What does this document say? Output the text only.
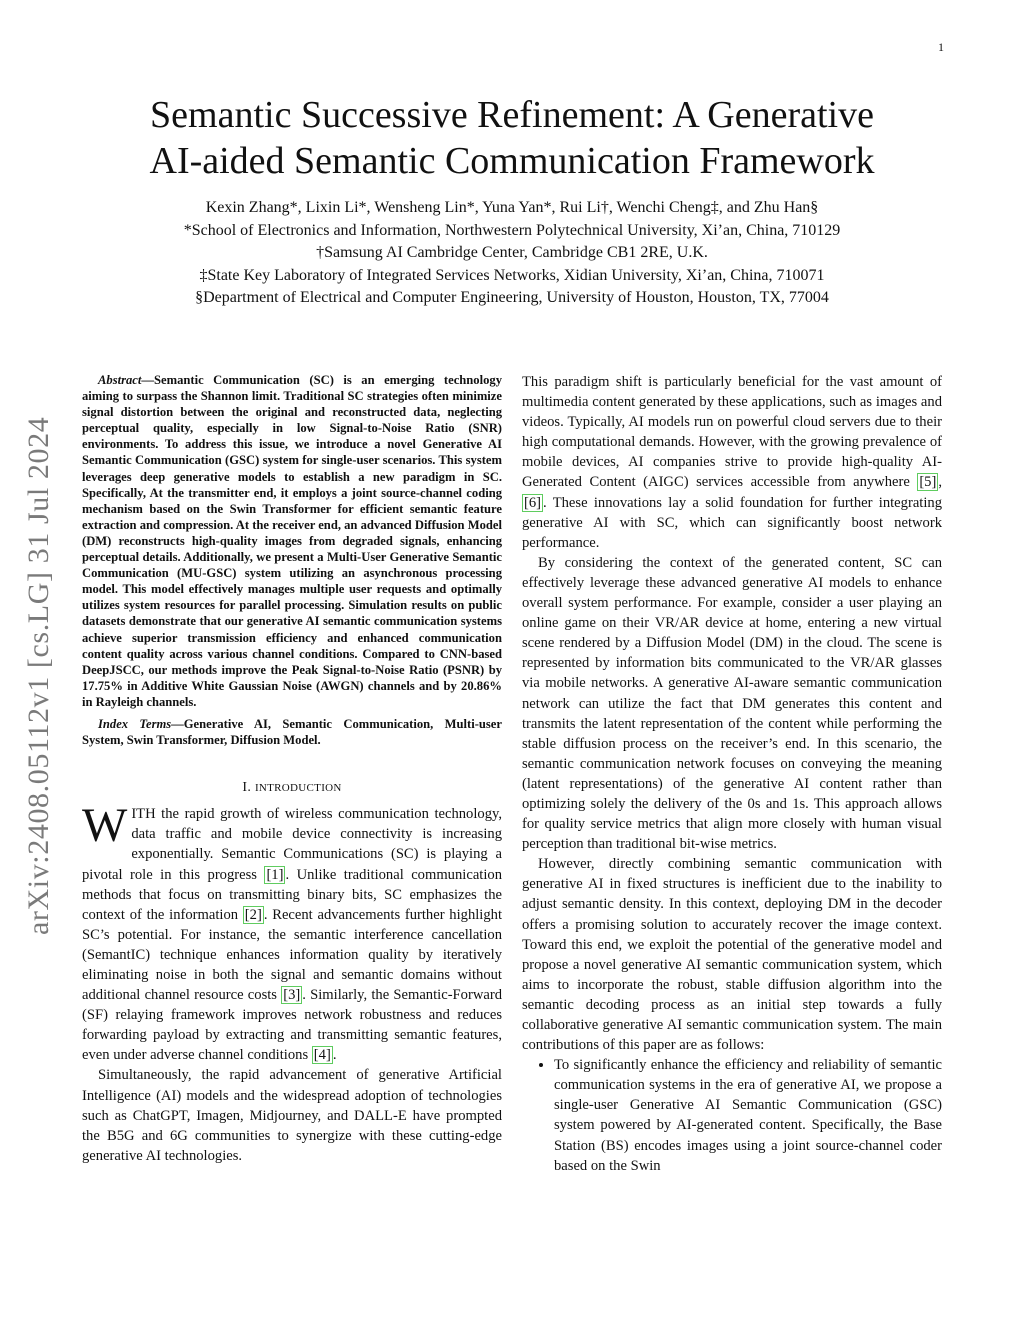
1
arXiv:2408.05112v1 [cs.LG] 31 Jul 2024
Semantic Successive Refinement: A Generative
AI-aided Semantic Communication Framework
Kexin Zhang*, Lixin Li*, Wensheng Lin*, Yuna Yan*, Rui Li†, Wenchi Cheng‡, and Zhu Han§
*School of Electronics and Information, Northwestern Polytechnical University, Xi’an, China, 710129
†Samsung AI Cambridge Center, Cambridge CB1 2RE, U.K.
‡State Key Laboratory of Integrated Services Networks, Xidian University, Xi’an, China, 710071
§Department of Electrical and Computer Engineering, University of Houston, Houston, TX, 77004

Abstract—Semantic Communication (SC) is an emerging technology aiming to surpass the Shannon limit. Traditional SC strategies often minimize signal distortion between the original and reconstructed data, neglecting perceptual quality, especially in low Signal-to-Noise Ratio (SNR) environments. To address this issue, we introduce a novel Generative AI Semantic Communication (GSC) system for single-user scenarios. This system leverages deep generative models to establish a new paradigm in SC. Specifically, At the transmitter end, it employs a joint source-channel coding mechanism based on the Swin Transformer for efficient semantic feature extraction and compression. At the receiver end, an advanced Diffusion Model (DM) reconstructs high-quality images from degraded signals, enhancing perceptual details. Additionally, we present a Multi-User Generative Semantic Communication (MU-GSC) system utilizing an asynchronous processing model. This model effectively manages multiple user requests and optimally utilizes system resources for parallel processing. Simulation results on public datasets demonstrate that our generative AI semantic communication systems achieve superior transmission efficiency and enhanced communication content quality across various channel conditions. Compared to CNN-based DeepJSCC, our methods improve the Peak Signal-to-Noise Ratio (PSNR) by 17.75% in Additive White Gaussian Noise (AWGN) channels and by 20.86% in Rayleigh channels.

Index Terms—Generative AI, Semantic Communication, Multi-user System, Swin Transformer, Diffusion Model.
I. INTRODUCTION

WITH the rapid growth of wireless communication technology, data traffic and mobile device connectivity is increasing exponentially. Semantic Communications (SC) is playing a pivotal role in this progress [1] . Unlike traditional communication methods that focus on transmitting binary bits, SC emphasizes the context of the information [2] . Recent advancements further highlight SC’s potential. For instance, the semantic interference cancellation (SemantIC) technique enhances information quality by iteratively eliminating noise in both the signal and semantic domains without additional channel resource costs [3] . Similarly, the Semantic-Forward (SF) relaying framework improves network robustness and reduces forwarding payload by extracting and transmitting semantic features, even under adverse channel conditions [4] .

Simultaneously, the rapid advancement of generative Artificial Intelligence (AI) models and the widespread adoption of technologies such as ChatGPT, Imagen, Midjourney, and DALL-E have prompted the B5G and 6G communities to synergize with these cutting-edge generative AI technologies.

This paradigm shift is particularly beneficial for the vast amount of multimedia content generated by these applications, such as images and videos. Typically, AI models run on powerful cloud servers due to their high computational demands. However, with the growing prevalence of mobile devices, AI companies strive to provide high-quality AI-Generated Content (AIGC) services accessible from anywhere [5] , [6] . These innovations lay a solid foundation for further integrating generative AI with SC, which can significantly boost network performance.

By considering the context of the generated content, SC can effectively leverage these advanced generative AI models to enhance overall system performance. For example, consider a user playing an online game on their VR/AR device at home, entering a new virtual scene rendered by a Diffusion Model (DM) in the cloud. The scene is represented by information bits communicated to the VR/AR glasses via mobile networks. A generative AI-aware semantic communication network can utilize the fact that DM generates this content and transmits the latent representation of the content while performing the stable diffusion process on the receiver’s end. In this scenario, the semantic communication network focuses on conveying the meaning (latent representations) of the generative AI content rather than optimizing solely the delivery of the 0s and 1s. This approach allows for quality service metrics that align more closely with human visual perception than traditional bit-wise metrics.

However, directly combining semantic communication with generative AI in fixed structures is inefficient due to the inability to adjust semantic density. In this context, deploying DM in the decoder offers a promising solution to accurately recover the image context. Toward this end, we exploit the potential of the generative model and propose a novel generative AI semantic communication system, which aims to incorporate the robust, stable diffusion algorithm into the semantic decoding process as an initial step towards a fully collaborative generative AI semantic communication system. The main contributions of this paper are as follows:

• To significantly enhance the efficiency and reliability of semantic communication systems in the era of generative AI, we propose a single-user Generative AI Semantic Communication (GSC) system powered by AI-generated content. Specifically, the Base Station (BS) encodes images using a joint source-channel coder based on the Swin
